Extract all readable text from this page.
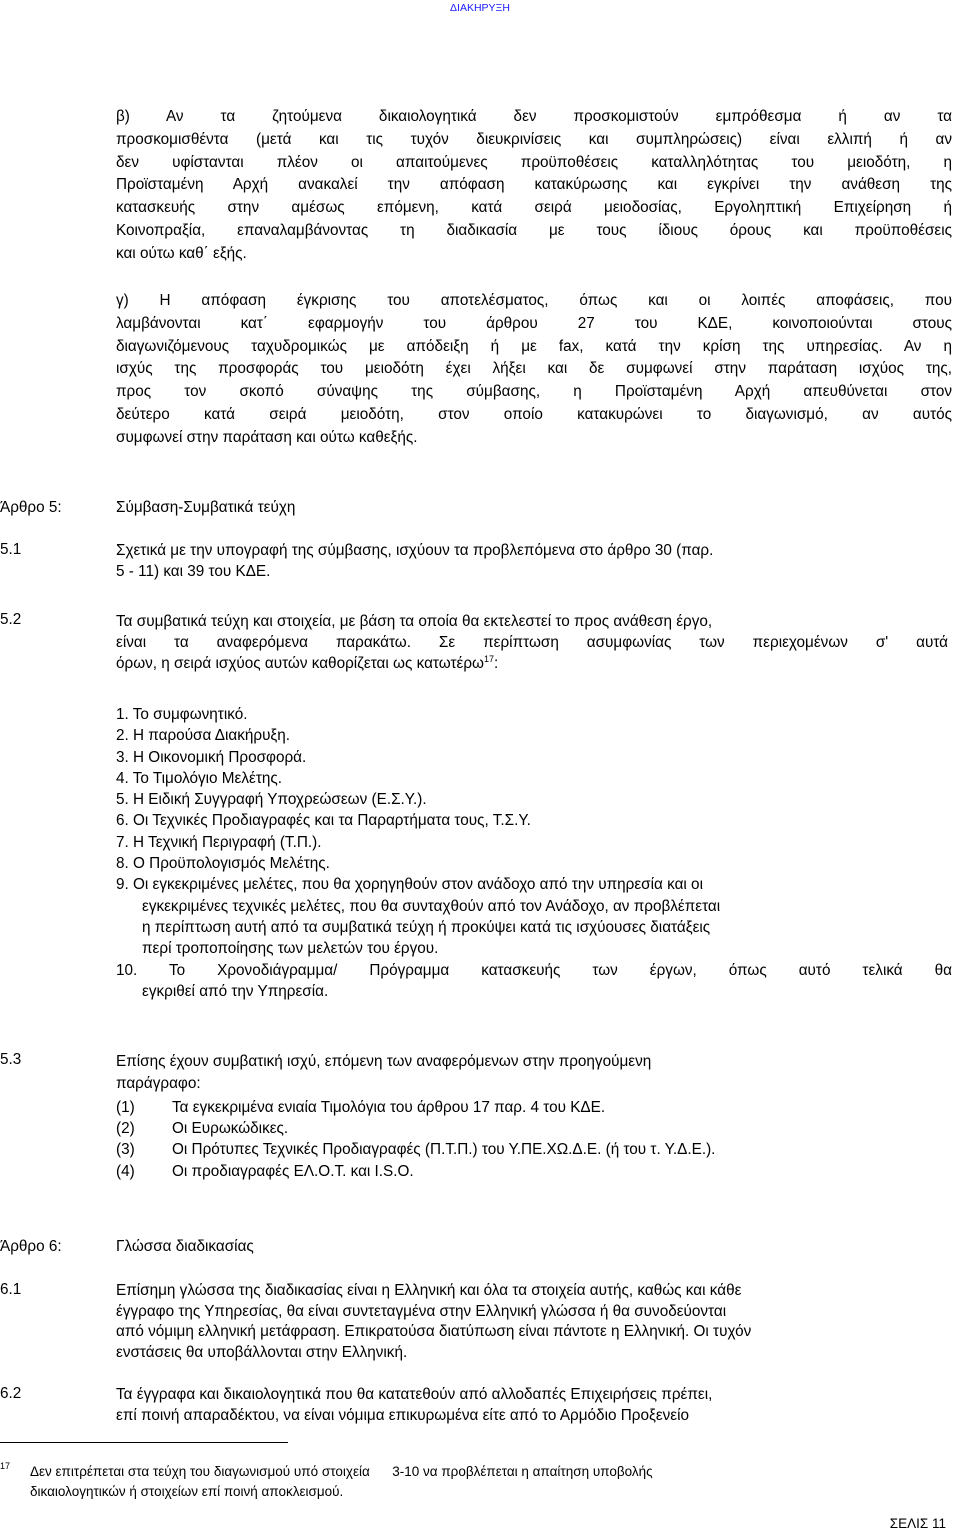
ΔΙΑΚΗΡΥΞΗ
β) Αν τα ζητούμενα δικαιολογητικά δεν προσκομιστούν εμπρόθεσμα ή αν τα
προσκομισθέντα (μετά και τις τυχόν διευκρινίσεις και συμπληρώσεις) είναι ελλιπή ή αν
δεν υφίστανται πλέον οι απαιτούμενες προϋποθέσεις καταλληλότητας του μειοδότη, η
Προϊσταμένη Αρχή ανακαλεί την απόφαση κατακύρωσης και εγκρίνει την ανάθεση της
κατασκευής στην αμέσως επόμενη, κατά σειρά μειοδοσίας, Εργοληπτική Επιχείρηση ή
Κοινοπραξία, επαναλαμβάνοντας τη διαδικασία με τους ίδιους όρους και προϋποθέσεις
και ούτω καθ΄ εξής.
γ) Η απόφαση έγκρισης του αποτελέσματος, όπως και οι λοιπές αποφάσεις, που
λαμβάνονται κατ΄ εφαρμογήν του άρθρου 27 του ΚΔΕ, κοινοποιούνται στους
διαγωνιζόμενους ταχυδρομικώς με απόδειξη ή με fax, κατά την κρίση της υπηρεσίας. Αν η
ισχύς της προσφοράς του μειοδότη έχει λήξει και δε συμφωνεί στην παράταση ισχύος της,
προς τον σκοπό σύναψης της σύμβασης, η Προϊσταμένη Αρχή απευθύνεται στον
δεύτερο κατά σειρά μειοδότη, στον οποίο κατακυρώνει το διαγωνισμό, αν αυτός
συμφωνεί στην παράταση και ούτω καθεξής.
Άρθρο 5:	Σύμβαση-Συμβατικά τεύχη
5.1	Σχετικά με την υπογραφή της σύμβασης, ισχύουν τα προβλεπόμενα στο άρθρο 30 (παρ.
5 - 11) και 39 του ΚΔΕ.
5.2	Τα συμβατικά τεύχη και στοιχεία, με βάση τα οποία θα εκτελεστεί το προς ανάθεση έργο,
είναι τα αναφερόμενα παρακάτω. Σε περίπτωση ασυμφωνίας των περιεχομένων σ' αυτά
όρων, η σειρά ισχύος αυτών καθορίζεται ως κατωτέρω$^{17}$:
1. Το συμφωνητικό.
2. Η παρούσα Διακήρυξη.
3. Η Οικονομική Προσφορά.
4. Το Τιμολόγιο Μελέτης.
5. Η Ειδική Συγγραφή Υποχρεώσεων (Ε.Σ.Υ.).
6. Οι Τεχνικές Προδιαγραφές και τα Παραρτήματα τους, Τ.Σ.Υ.
7. Η Τεχνική Περιγραφή (Τ.Π.).
8. Ο Προϋπολογισμός Μελέτης.
9. Οι εγκεκριμένες μελέτες, που θα χορηγηθούν στον ανάδοχο από την υπηρεσία και οι
εγκεκριμένες τεχνικές μελέτες, που θα συνταχθούν από τον Ανάδοχο, αν προβλέπεται
η περίπτωση αυτή από τα συμβατικά τεύχη ή προκύψει κατά τις ισχύουσες διατάξεις
περί τροποποίησης των μελετών του έργου.
10. Το Χρονοδιάγραμμα/ Πρόγραμμα κατασκευής των έργων, όπως αυτό τελικά θα
εγκριθεί από την Υπηρεσία.
5.3	Επίσης έχουν συμβατική ισχύ, επόμενη των αναφερόμενων στην προηγούμενη
παράγραφο:
(1) Τα εγκεκριμένα ενιαία Τιμολόγια του άρθρου 17 παρ. 4 του ΚΔΕ.
(2) Οι Ευρωκώδικες.
(3) Οι Πρότυπες Τεχνικές Προδιαγραφές (Π.Τ.Π.) του Υ.ΠΕ.ΧΩ.Δ.Ε. (ή του τ. Υ.Δ.Ε.).
(4) Οι προδιαγραφές ΕΛ.Ο.Τ. και I.S.O.
Άρθρο 6:	Γλώσσα διαδικασίας
6.1	Επίσημη γλώσσα της διαδικασίας είναι η Ελληνική και όλα τα στοιχεία αυτής, καθώς και κάθε
έγγραφο της Υπηρεσίας, θα είναι συντεταγμένα στην Ελληνική γλώσσα ή θα συνοδεύονται
από νόμιμη ελληνική μετάφραση. Επικρατούσα διατύπωση είναι πάντοτε η Ελληνική. Οι τυχόν
ενστάσεις θα υποβάλλονται στην Ελληνική.
6.2	Τα έγγραφα και δικαιολογητικά που θα κατατεθούν από αλλοδαπές Επιχειρήσεις πρέπει,
επί ποινή απαραδέκτου, να είναι νόμιμα επικυρωμένα είτε από το Αρμόδιο Προξενείο
17 Δεν επιτρέπεται στα τεύχη του διαγωνισμού υπό στοιχεία      3-10 να προβλέπεται η απαίτηση υποβολής
δικαιολογητικών ή στοιχείων επί ποινή αποκλεισμού.
ΣΕΛΙΣ 11
